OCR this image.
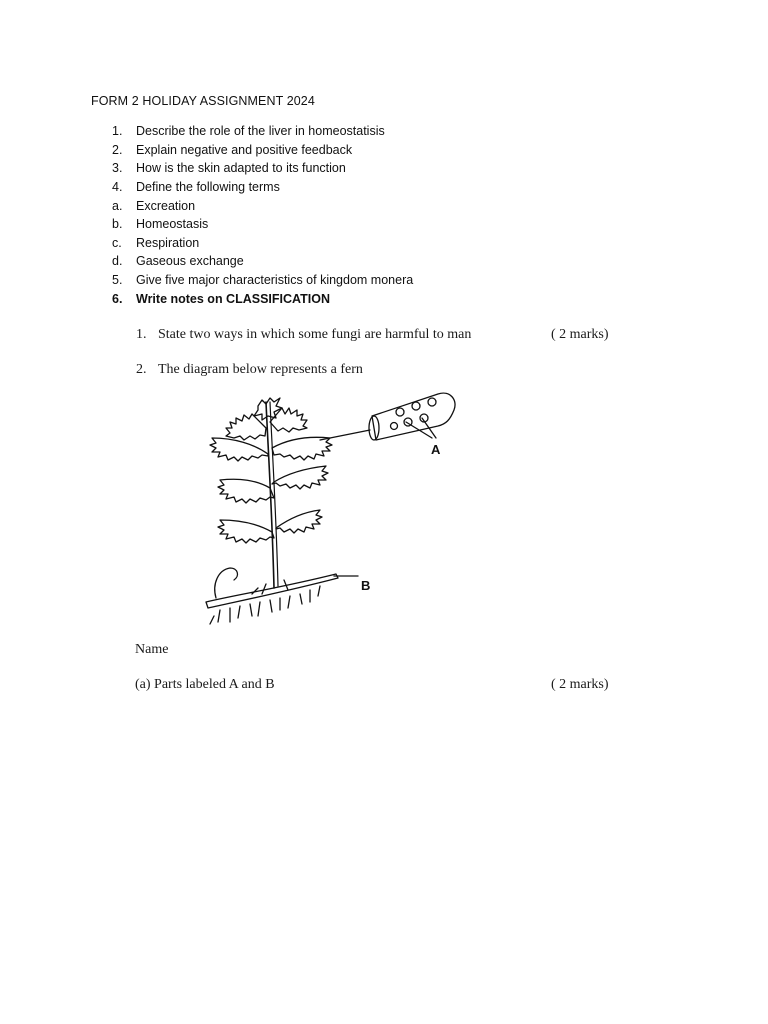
FORM 2 HOLIDAY ASSIGNMENT 2024
1.	Describe the role of the liver in homeostatisis
2.	Explain negative and positive feedback
3.	How is the skin adapted to its function
4.	Define the following terms
a.	Excreation
b.	Homeostasis
c.	Respiration
d.	Gaseous exchange
5.	Give five major characteristics of kingdom monera
6.	Write notes on CLASSIFICATION
1. State two ways in which some fungi are harmful to man	( 2 marks)
2. The diagram below represents a fern
A
B
Name
(a) Parts labeled A and B	( 2 marks)
